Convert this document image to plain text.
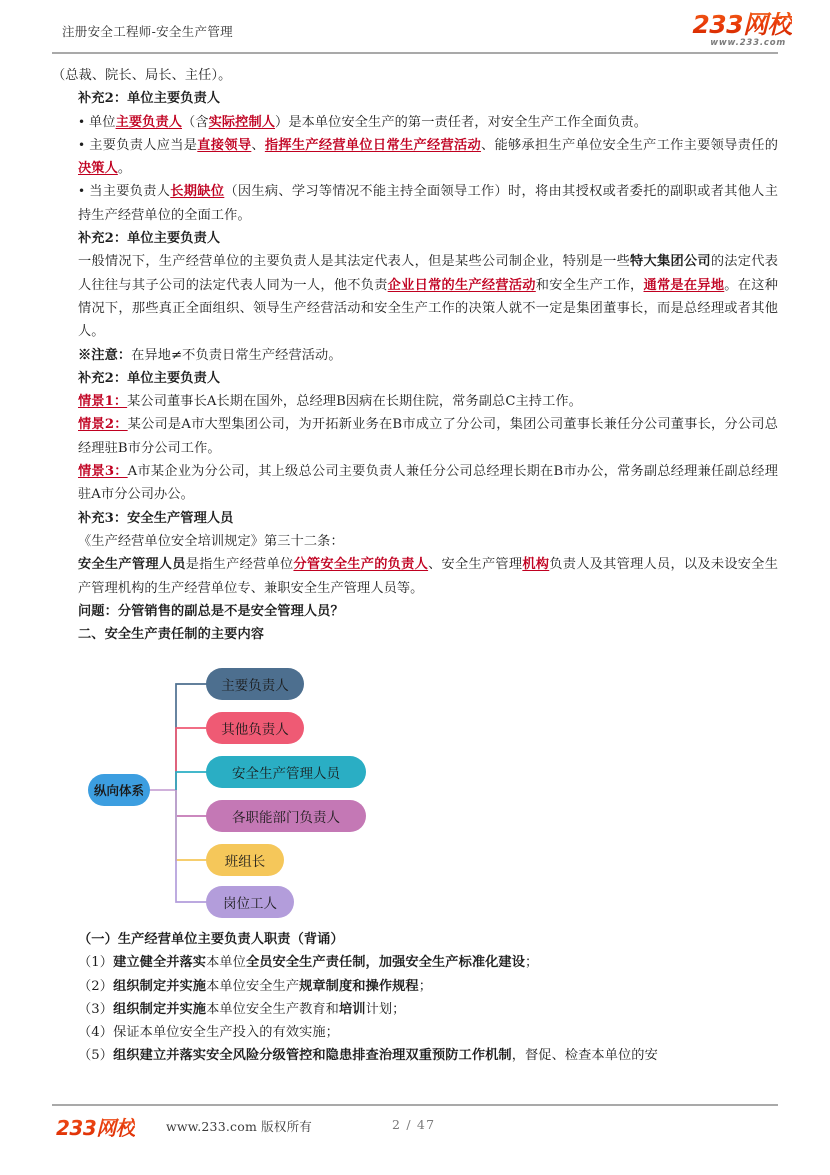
注册安全工程师-安全生产管理	233网校
www.233.com

（总裁、院长、局长、主任）。

补充2：单位主要负责人

• 单位主要负责人（含实际控制人）是本单位安全生产的第一责任者，对安全生产工作全面负责。

• 主要负责人应当是直接领导、指挥生产经营单位日常生产经营活动、能够承担生产单位安全生产工作主要领导责任的决策人。

• 当主要负责人长期缺位（因生病、学习等情况不能主持全面领导工作）时，将由其授权或者委托的副职或者其他人主持生产经营单位的全面工作。

补充2：单位主要负责人

一般情况下，生产经营单位的主要负责人是其法定代表人，但是某些公司制企业，特别是一些特大集团公司的法定代表人往往与其子公司的法定代表人同为一人，他不负责企业日常的生产经营活动和安全生产工作，通常是在异地。在这种情况下，那些真正全面组织、领导生产经营活动和安全生产工作的决策人就不一定是集团董事长，而是总经理或者其他人。

※注意：在异地≠不负责日常生产经营活动。

补充2：单位主要负责人

情景1：某公司董事长A长期在国外，总经理B因病在长期住院，常务副总C主持工作。

情景2：某公司是A市大型集团公司，为开拓新业务在B市成立了分公司，集团公司董事长兼任分公司董事长，分公司总经理驻B市分公司工作。

情景3：A市某企业为分公司，其上级总公司主要负责人兼任分公司总经理长期在B市办公，常务副总经理兼任副总经理驻A市分公司办公。

补充3：安全生产管理人员

《生产经营单位安全培训规定》第三十二条：

安全生产管理人员是指生产经营单位分管安全生产的负责人、安全生产管理机构负责人及其管理人员，以及未设安全生产管理机构的生产经营单位专、兼职安全生产管理人员等。

问题：分管销售的副总是不是安全管理人员？

二、安全生产责任制的主要内容

纵向体系
主要负责人
其他负责人
安全生产管理人员
各职能部门负责人
班组长
岗位工人

（一）生产经营单位主要负责人职责（背诵）

（1）建立健全并落实本单位全员安全生产责任制，加强安全生产标准化建设；

（2）组织制定并实施本单位安全生产规章制度和操作规程；

（3）组织制定并实施本单位安全生产教育和培训计划；

（4）保证本单位安全生产投入的有效实施；

（5）组织建立并落实安全风险分级管控和隐患排查治理双重预防工作机制，督促、检查本单位的安

233网校 www.233.com 版权所有	2 / 47
